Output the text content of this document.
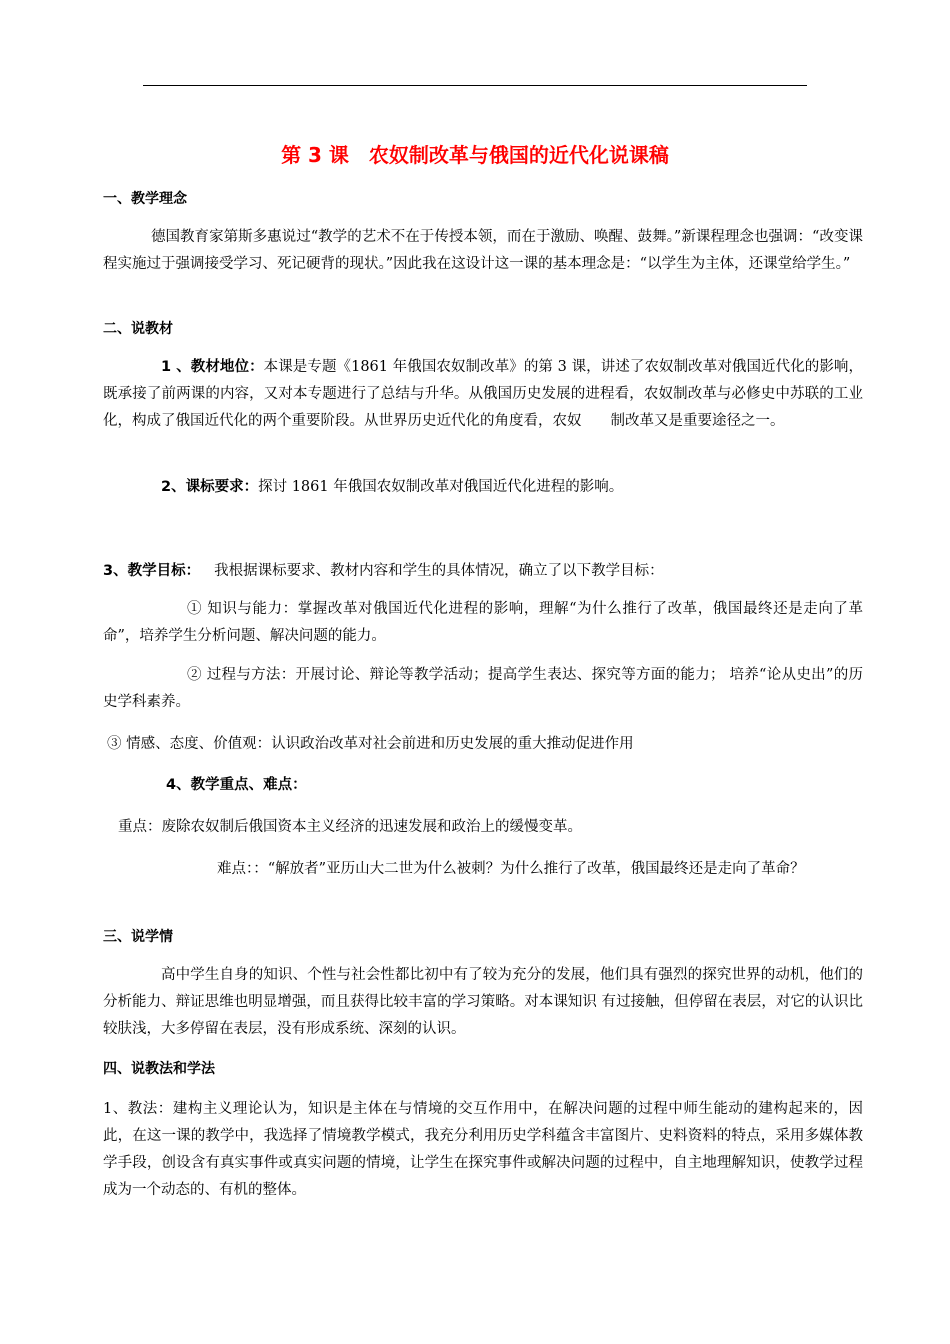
第 3 课　农奴制改革与俄国的近代化说课稿
一、教学理念
德国教育家第斯多惠说过“教学的艺术不在于传授本领，而在于激励、唤醒、鼓舞。”新课程理念也强调：“改变课程实施过于强调接受学习、死记硬背的现状。”因此我在这设计这一课的基本理念是：“以学生为主体，还课堂给学生。”
二、说教材
1 、教材地位：本课是专题《1861 年俄国农奴制改革》的第 3 课，讲述了农奴制改革对俄国近代化的影响，既承接了前两课的内容，又对本专题进行了总结与升华。从俄国历史发展的进程看，农奴制改革与必修史中苏联的工业化，构成了俄国近代化的两个重要阶段。从世界历史近代化的角度看，农奴　　制改革又是重要途径之一。
2、课标要求：探讨 1861 年俄国农奴制改革对俄国近代化进程的影响。
3、教学目标： 我根据课标要求、教材内容和学生的具体情况，确立了以下教学目标：
① 知识与能力：掌握改革对俄国近代化进程的影响，理解“为什么推行了改革，俄国最终还是走向了革命”，培养学生分析问题、解决问题的能力。
② 过程与方法：开展讨论、辩论等教学活动；提高学生表达、探究等方面的能力； 培养“论从史出”的历史学科素养。
③ 情感、态度、价值观：认识政治改革对社会前进和历史发展的重大推动促进作用
4、教学重点、难点：
重点：废除农奴制后俄国资本主义经济的迅速发展和政治上的缓慢变革。
难点：：“解放者”亚历山大二世为什么被刺？为什么推行了改革，俄国最终还是走向了革命？
三、说学情
高中学生自身的知识、个性与社会性都比初中有了较为充分的发展，他们具有强烈的探究世界的动机，他们的分析能力、辩证思维也明显增强，而且获得比较丰富的学习策略。对本课知识 有过接触，但停留在表层，对它的认识比较肤浅，大多停留在表层，没有形成系统、深刻的认识。
四、说教法和学法
1、教法：建构主义理论认为，知识是主体在与情境的交互作用中，在解决问题的过程中师生能动的建构起来的，因此，在这一课的教学中，我选择了情境教学模式，我充分利用历史学科蕴含丰富图片、史料资料的特点，采用多媒体教学手段，创设含有真实事件或真实问题的情境，让学生在探究事件或解决问题的过程中，自主地理解知识，使教学过程成为一个动态的、有机的整体。
